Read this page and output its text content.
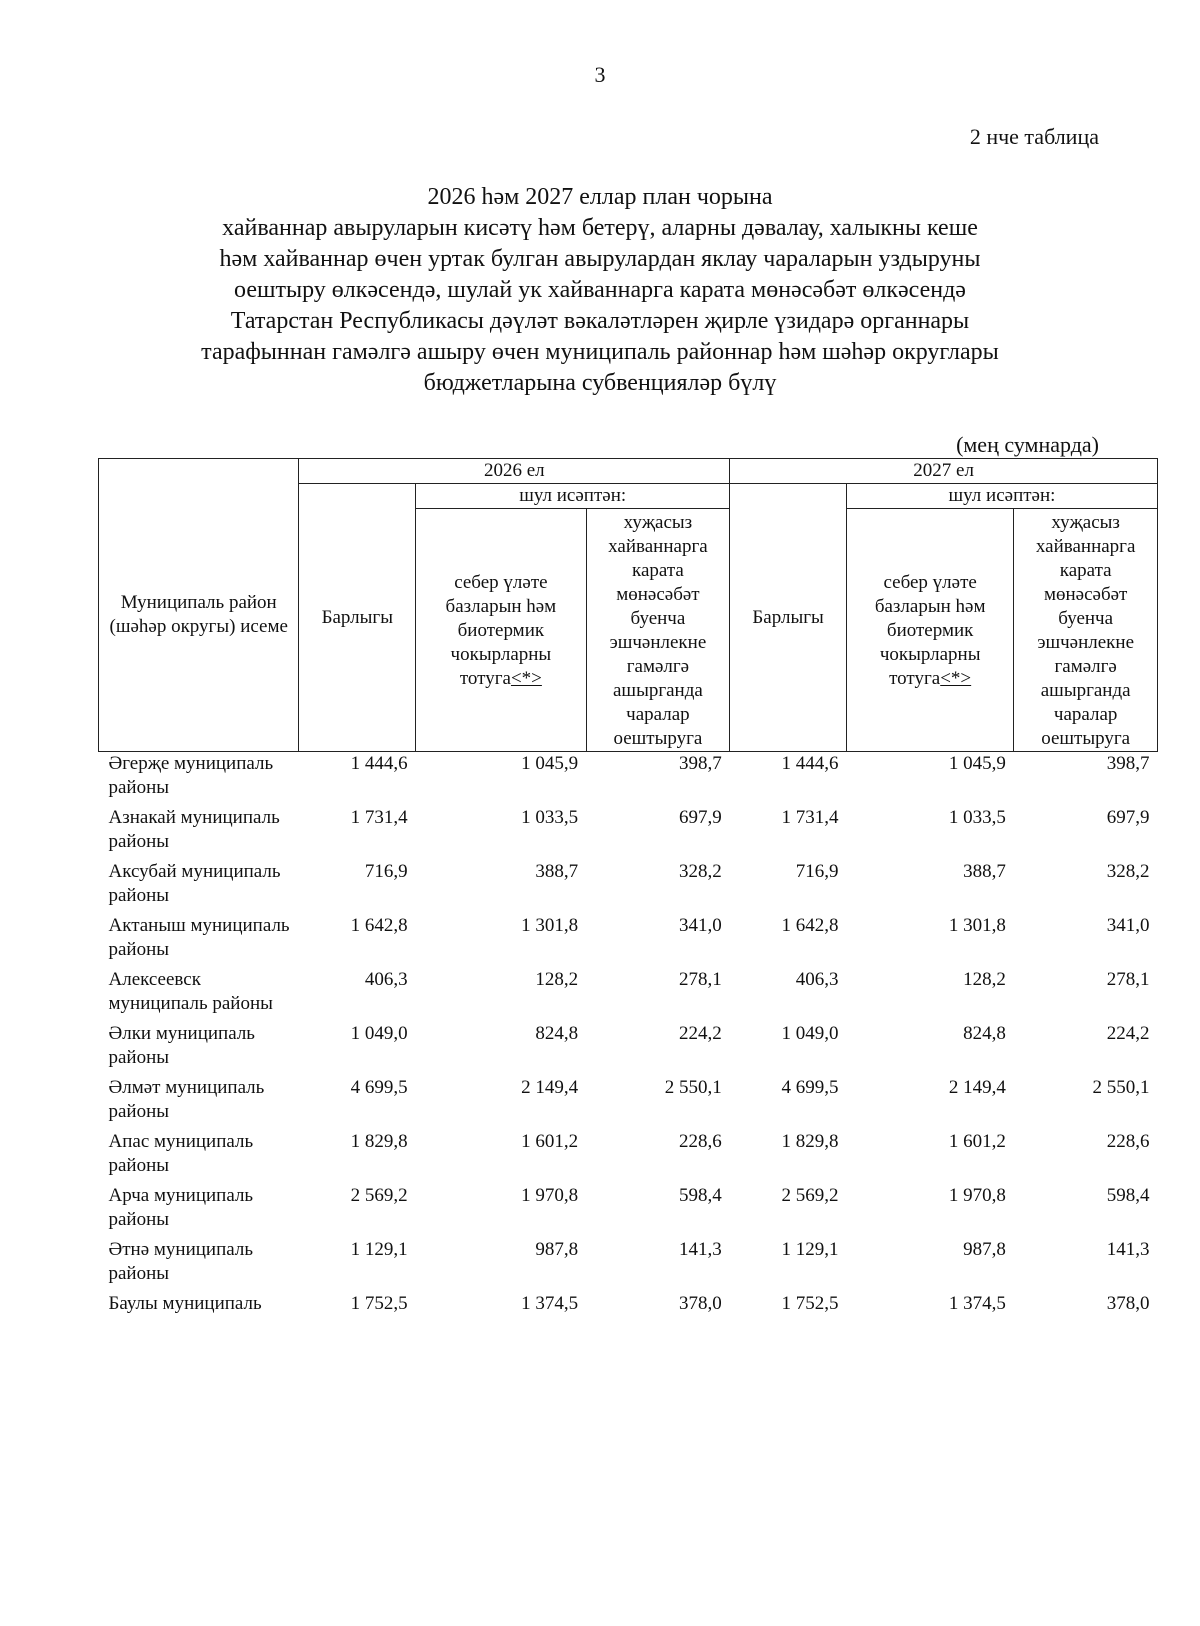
3
2 нче таблица
2026 һәм 2027 еллар план чорына
хайваннар авыруларын кисәтү һәм бетерү, аларны дәвалау, халыкны кеше
һәм хайваннар өчен уртак булган авырулардан яклау чараларын уздыруны
оештыру өлкәсендә, шулай ук хайваннарга карата мөнәсәбәт өлкәсендә
Татарстан Республикасы дәүләт вәкаләтләрен җирле үзидарә органнары
тарафыннан гамәлгә ашыру өчен муниципаль районнар һәм шәһәр округлары
бюджетларына субвенцияләр бүлү
(мең сумнарда)
Муниципаль район (шәһәр округы) исеме	2026 ел			2027 ел		
	Барлыгы	шул исәптән:		Барлыгы	шул исәптән:	
		себер үләте базларын һәм биотермик чокырларны тотуга<*>	хуҗасыз хайваннарга карата мөнәсәбәт буенча эшчәнлекне гамәлгә ашырганда чаралар оештыруга		себер үләте базларын һәм биотермик чокырларны тотуга<*>	хуҗасыз хайваннарга карата мөнәсәбәт буенча эшчәнлекне гамәлгә ашырганда чаралар оештыруга
Әгерҗе муниципаль районы	1 444,6	1 045,9	398,7	1 444,6	1 045,9	398,7
Азнакай муниципаль районы	1 731,4	1 033,5	697,9	1 731,4	1 033,5	697,9
Аксубай муниципаль районы	716,9	388,7	328,2	716,9	388,7	328,2
Актаныш муниципаль районы	1 642,8	1 301,8	341,0	1 642,8	1 301,8	341,0
Алексеевск муниципаль районы	406,3	128,2	278,1	406,3	128,2	278,1
Әлки муниципаль районы	1 049,0	824,8	224,2	1 049,0	824,8	224,2
Әлмәт муниципаль районы	4 699,5	2 149,4	2 550,1	4 699,5	2 149,4	2 550,1
Апас муниципаль районы	1 829,8	1 601,2	228,6	1 829,8	1 601,2	228,6
Арча муниципаль районы	2 569,2	1 970,8	598,4	2 569,2	1 970,8	598,4
Әтнә муниципаль районы	1 129,1	987,8	141,3	1 129,1	987,8	141,3
Баулы муниципаль	1 752,5	1 374,5	378,0	1 752,5	1 374,5	378,0
